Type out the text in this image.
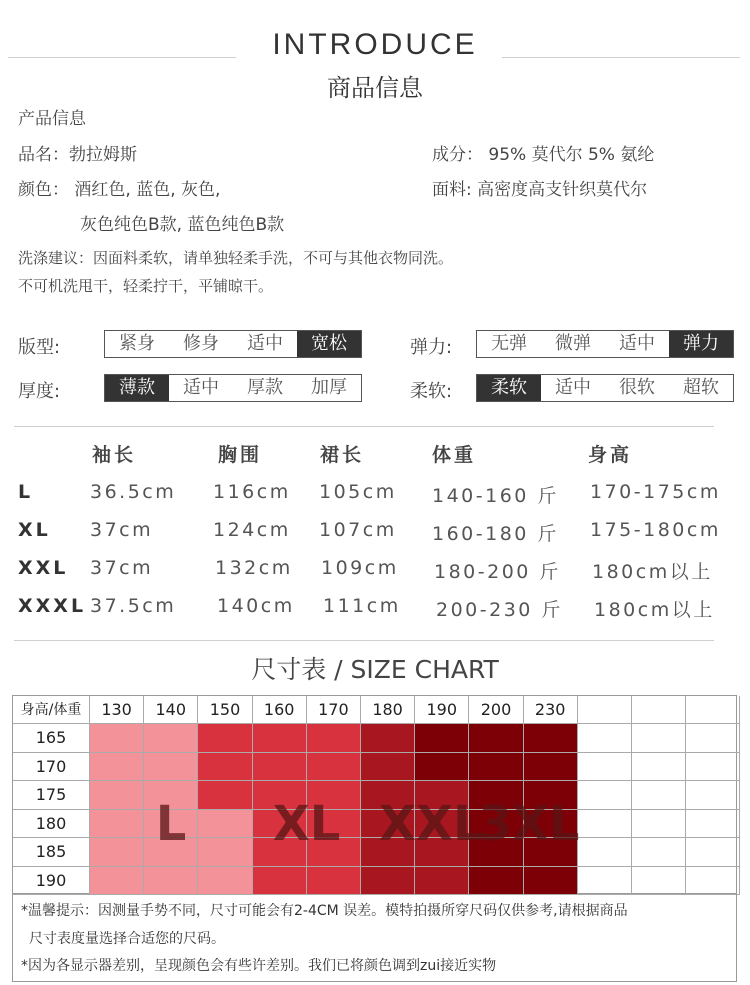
INTRODUCE
商品信息
产品信息
品名：勃拉姆斯	成分： 95% 莫代尔 5% 氨纶
颜色： 酒红色, 蓝色, 灰色,	面料: 高密度高支针织莫代尔
灰色纯色B款, 蓝色纯色B款
洗涤建议：因面料柔软，请单独轻柔手洗，不可与其他衣物同洗。
不可机洗甩干，轻柔拧干，平铺晾干。
版型:	紧身	修身	适中	宽松	弹力:	无弹	微弹	适中	弹力
厚度:	薄款	适中	厚款	加厚	柔软:	柔软	适中	很软	超软
袖长	胸围	裙长	体重	身高
L	36.5cm 116cm 105cm 140-160 斤 170-175cm
XL 37cm	124cm 107cm 160-180 斤 175-180cm
XXL 37cm	132cm 109cm 180-200 斤 180cm以上
XXXL 37.5cm 140cm 111cm 200-230 斤 180cm以上
尺寸表 / SIZE CHART
身高/体重	130	140	150	160	170	180	190	200	230
165
170
175
180
185
190
L XL XXL
3XL
*温馨提示：因测量手势不同，尺寸可能会有2-4CM 误差。模特拍摄所穿尺码仅供参考,请根据商品
尺寸表度量选择合适您的尺码。
*因为各显示器差别，呈现颜色会有些许差别。我们已将颜色调到zui接近实物
